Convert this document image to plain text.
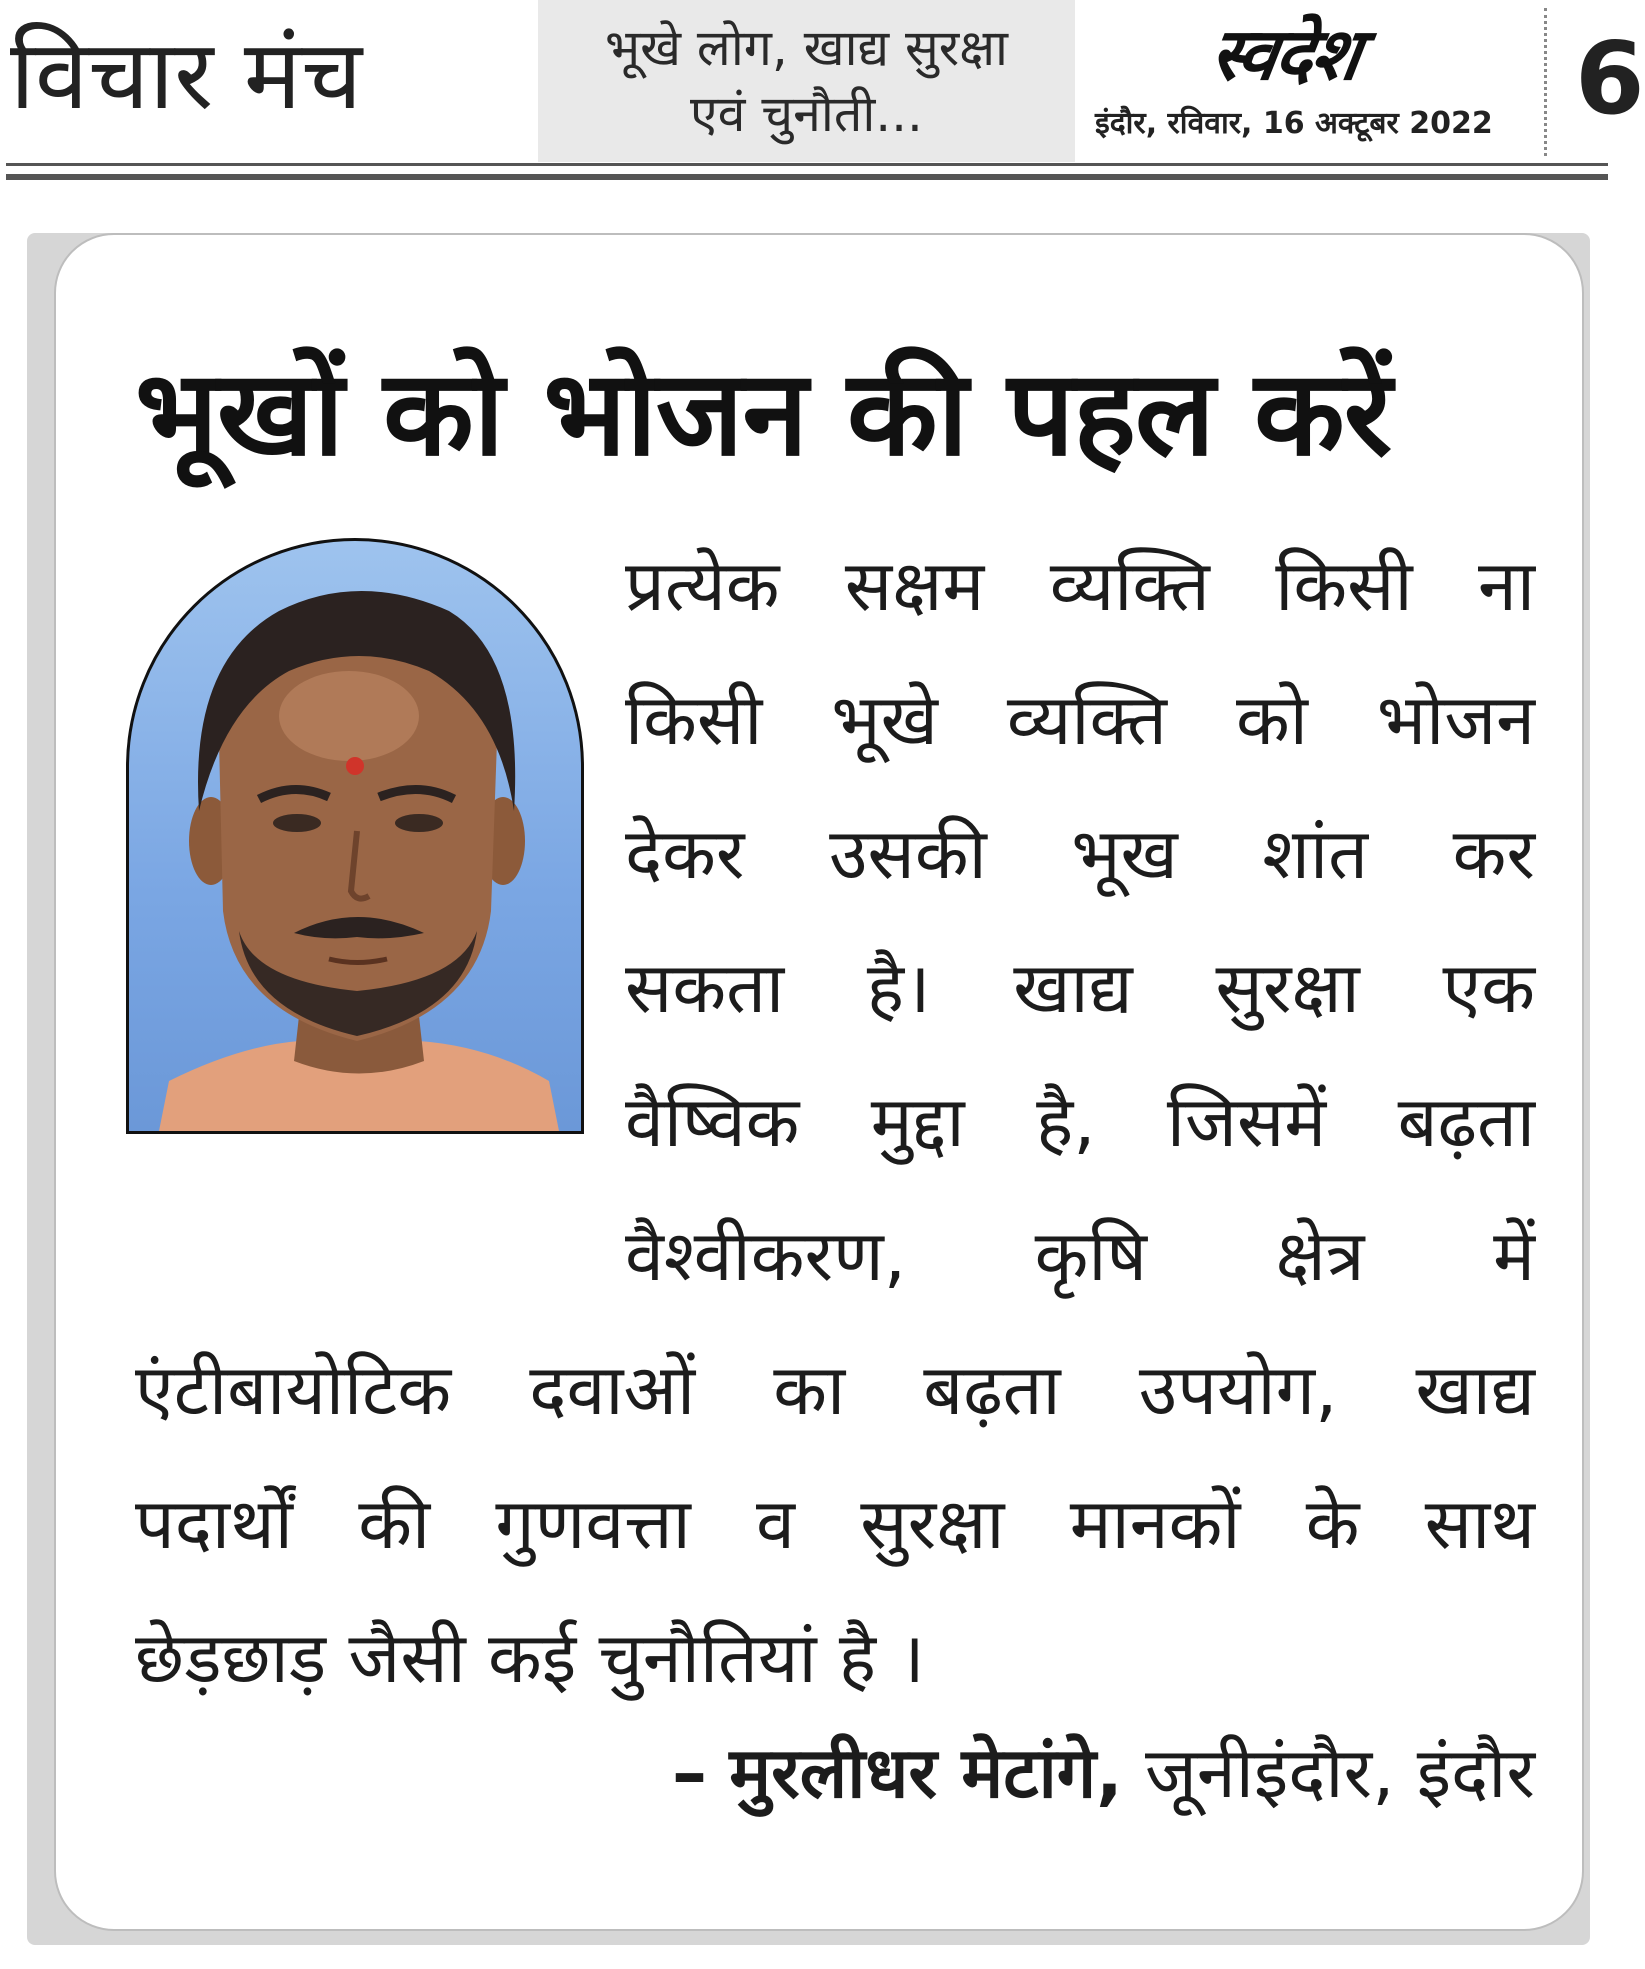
विचार मंच	भूखे लोग, खाद्य सुरक्षा
एवं चुनौती...
स्वदेश
इंदौर, रविवार, 16 अक्टूबर 2022 6
भूखों को भोजन की पहल करें
प्रत्येक सक्षम व्यक्ति किसी ना
किसी भूखे व्यक्ति को भोजन
देकर उसकी भूख शांत कर
सकता है। खाद्य सुरक्षा एक
वैष्विक मुद्दा है, जिसमें बढ़ता
वैश्वीकरण, कृषि क्षेत्र में
एंटीबायोटिक दवाओं का बढ़ता उपयोग, खाद्य
पदार्थों की गुणवत्ता व सुरक्षा मानकों के साथ
छेड़छाड़ जैसी कई चुनौतियां है ।
– मुरलीधर मेटांगे, जूनीइंदौर, इंदौर
